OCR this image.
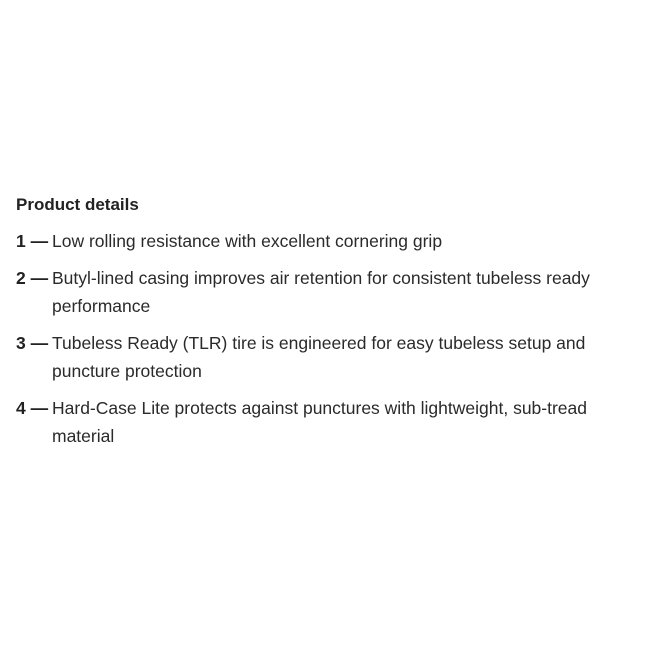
Product details
1 — Low rolling resistance with excellent cornering grip
2 — Butyl-lined casing improves air retention for consistent tubeless ready performance
3 — Tubeless Ready (TLR) tire is engineered for easy tubeless setup and puncture protection
4 — Hard-Case Lite protects against punctures with lightweight, sub-tread material
